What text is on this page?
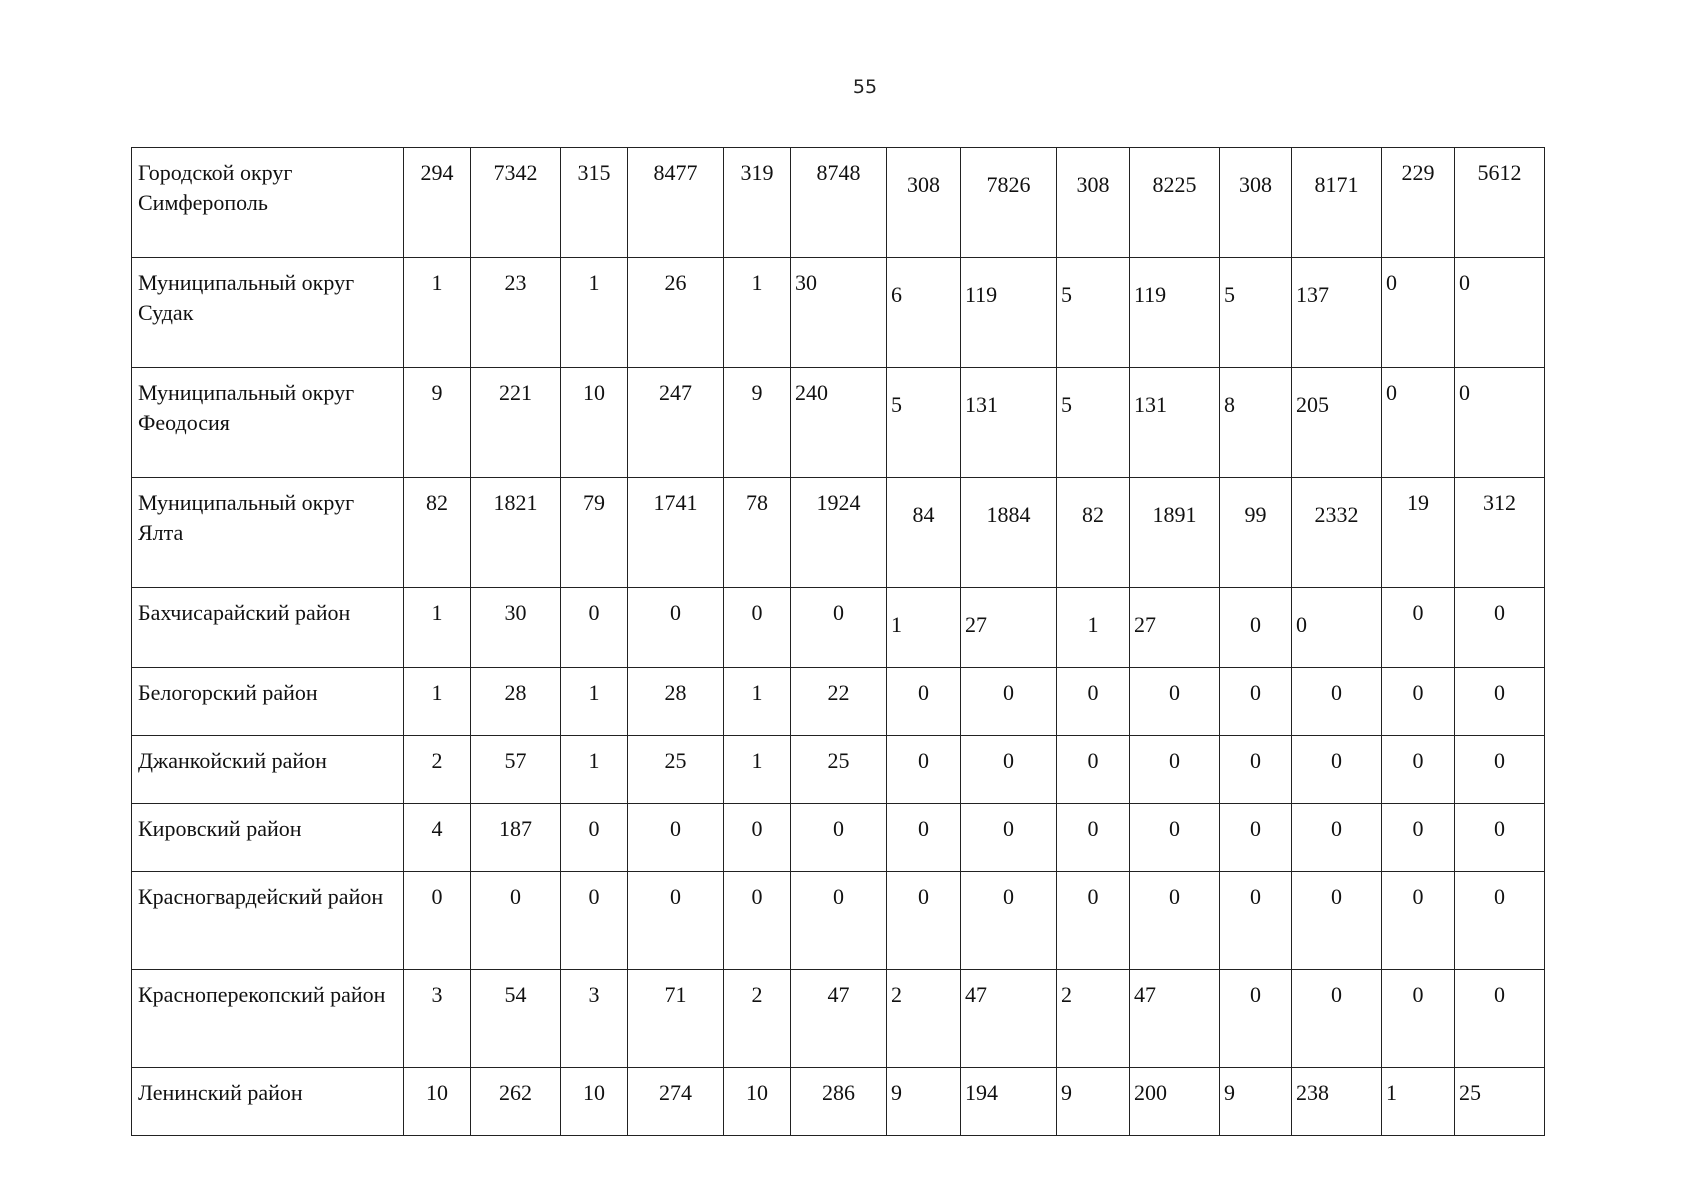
55
Городской округ Симферополь	294	7342	315	8477	319	8748	308	7826	308	8225	308	8171	229	5612
Муниципальный округ Судак	1	23	1	26	1	30	6	119	5	119	5	137	0	0
Муниципальный округ Феодосия	9	221	10	247	9	240	5	131	5	131	8	205	0	0
Муниципальный округ Ялта	82	1821	79	1741	78	1924	84	1884	82	1891	99	2332	19	312
Бахчисарайский район	1	30	0	0	0	0	1	27	1	27	0	0	0	0
Белогорский район	1	28	1	28	1	22	0	0	0	0	0	0	0	0
Джанкойский район	2	57	1	25	1	25	0	0	0	0	0	0	0	0
Кировский район	4	187	0	0	0	0	0	0	0	0	0	0	0	0
Красногвардейский район	0	0	0	0	0	0	0	0	0	0	0	0	0	0
Красноперекопский район	3	54	3	71	2	47	2	47	2	47	0	0	0	0
Ленинский район	10	262	10	274	10	286	9	194	9	200	9	238	1	25
